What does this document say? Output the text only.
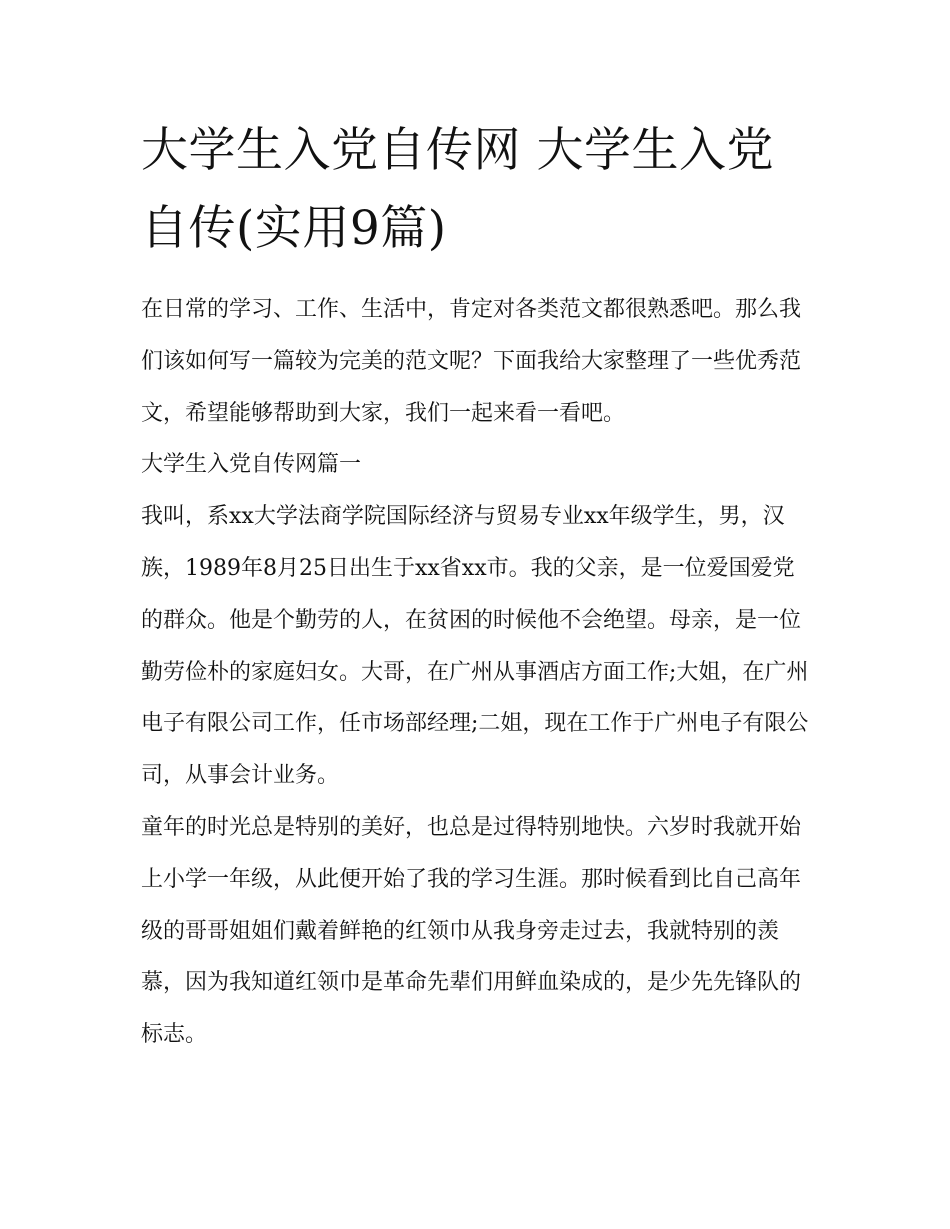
大学生入党自传网 大学生入党自传(实用9篇)

在日常的学习、工作、生活中，肯定对各类范文都很熟悉吧。那么我们该如何写一篇较为完美的范文呢？下面我给大家整理了一些优秀范文，希望能够帮助到大家，我们一起来看一看吧。

大学生入党自传网篇一

我叫，系xx大学法商学院国际经济与贸易专业xx年级学生，男，汉族，1989年8月25日出生于xx省xx市。我的父亲，是一位爱国爱党的群众。他是个勤劳的人，在贫困的时候他不会绝望。母亲，是一位勤劳俭朴的家庭妇女。大哥，在广州从事酒店方面工作;大姐，在广州电子有限公司工作，任市场部经理;二姐，现在工作于广州电子有限公司，从事会计业务。

童年的时光总是特别的美好，也总是过得特别地快。六岁时我就开始上小学一年级，从此便开始了我的学习生涯。那时候看到比自己高年级的哥哥姐姐们戴着鲜艳的红领巾从我身旁走过去，我就特别的羡慕，因为我知道红领巾是革命先辈们用鲜血染成的，是少先先锋队的标志。
